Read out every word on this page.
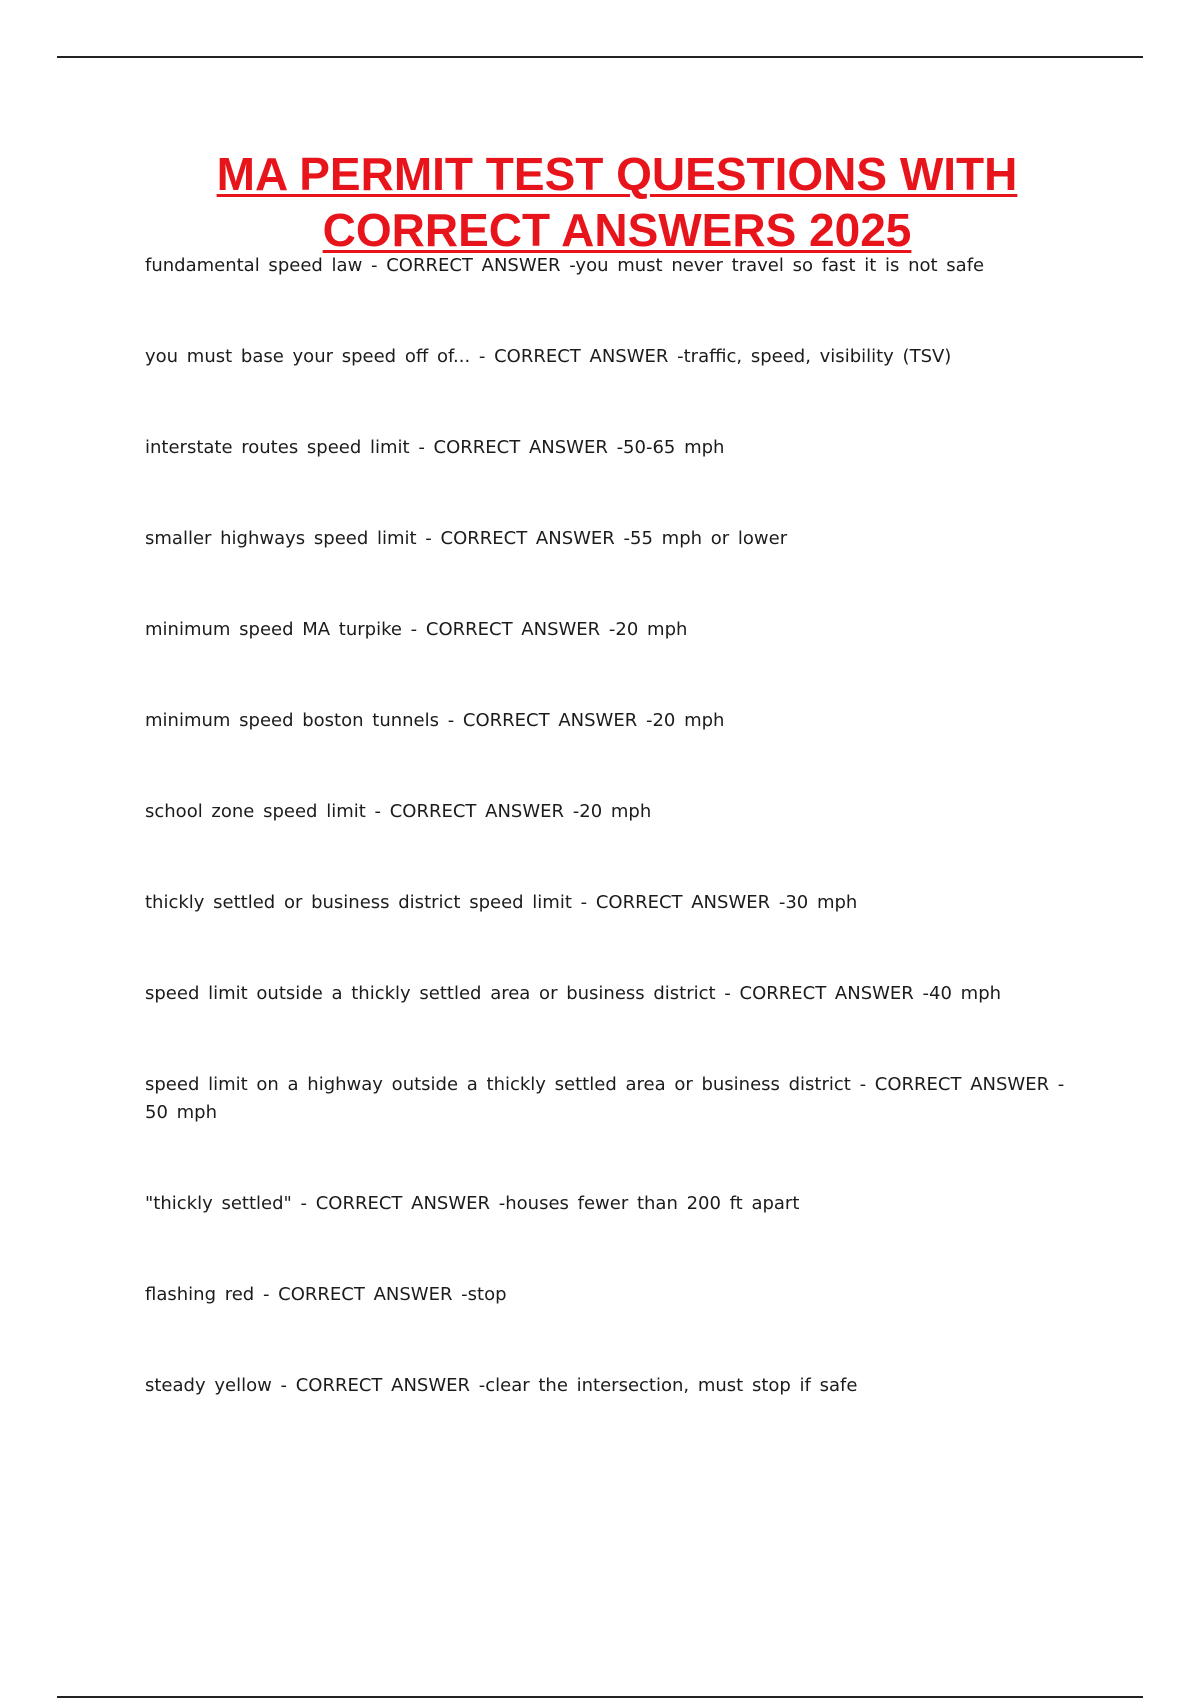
MA PERMIT TEST QUESTIONS WITH
CORRECT ANSWERS 2025
fundamental speed law - CORRECT ANSWER -you must never travel so fast it is not safe
you must base your speed off of... - CORRECT ANSWER -traffic, speed, visibility (TSV)
interstate routes speed limit - CORRECT ANSWER -50-65 mph
smaller highways speed limit - CORRECT ANSWER -55 mph or lower
minimum speed MA turpike - CORRECT ANSWER -20 mph
minimum speed boston tunnels - CORRECT ANSWER -20 mph
school zone speed limit - CORRECT ANSWER -20 mph
thickly settled or business district speed limit - CORRECT ANSWER -30 mph
speed limit outside a thickly settled area or business district - CORRECT ANSWER -40 mph
speed limit on a highway outside a thickly settled area or business district - CORRECT ANSWER - 50 mph
"thickly settled" - CORRECT ANSWER -houses fewer than 200 ft apart
flashing red - CORRECT ANSWER -stop
steady yellow - CORRECT ANSWER -clear the intersection, must stop if safe
